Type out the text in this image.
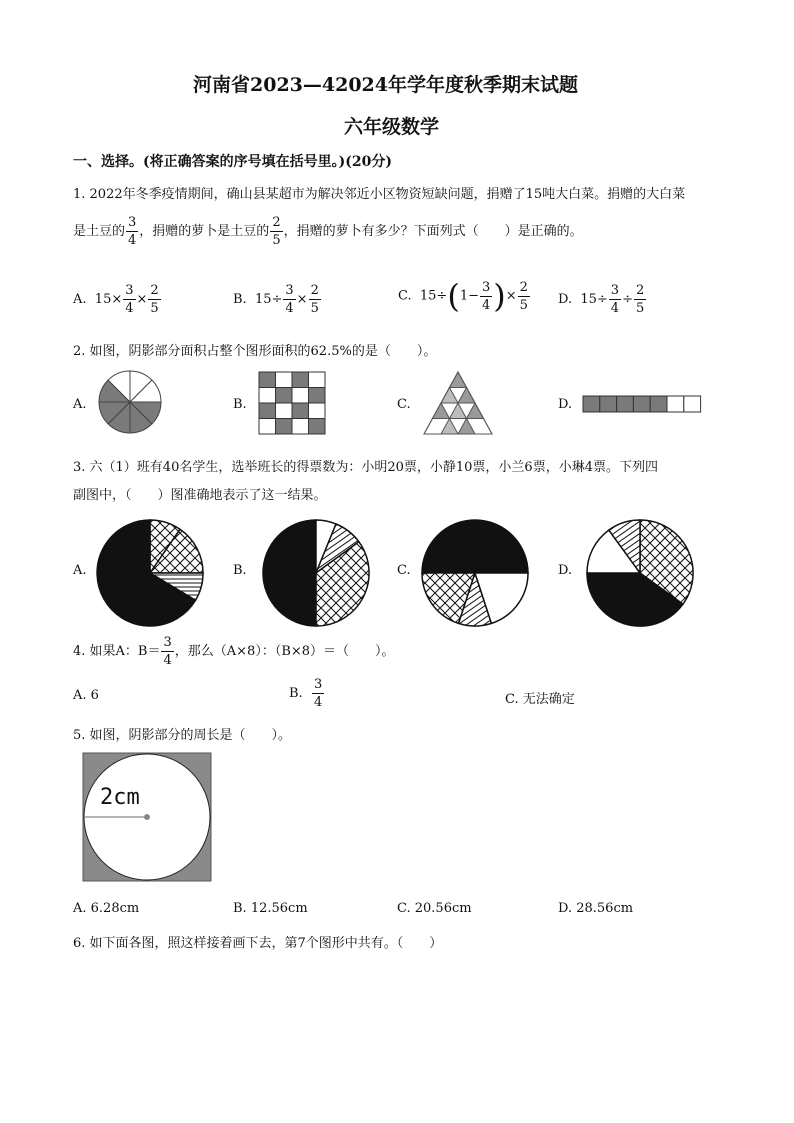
河南省2023—42024年学年度秋季期末试题
六年级数学
一、选择。(将正确答案的序号填在括号里。)(20分)
1. 2022年冬季疫情期间，确山县某超市为解决邻近小区物资短缺问题，捐赠了15吨大白菜。捐赠的大白菜
是土豆的 $\frac{3}{4}$ ，捐赠的萝卜是土豆的 $\frac{2}{5}$ ，捐赠的萝卜有多少？下面列式（　　）是正确的。
A. $15\times \frac{3}{4} \times \frac{2}{5}$	B. $15\div \frac{3}{4} \times \frac{2}{5}$	C. $15\div(1- \frac{3}{4}$ )× $\frac{2}{5} D$. $15\div \frac{3}{4} \div \frac{2}{5}$
2. 如图，阴影部分面积占整个图形面积的62.5%的是（　　）。
A.	B.	C.	D.
3. 六（1）班有40名学生，选举班长的得票数为：小明20票，小静10票，小兰6票，小琳4票。下列四
副图中，（　　）图准确地表示了这一结果。
A.	B.	C.	D.
4. 如果A：$B= \frac{3}{4}$ ，那么（A×8）：（B×8）＝（　　）。
A. 6	B. $\frac{3}{4}$	C. 无法确定
5. 如图，阴影部分的周长是（　　）。
2cm
A. 6.28cm	B. 12.56cm	C. 20.56cm	D. 28.56cm
6. 如下面各图，照这样接着画下去，第7个图形中共有。（　　）
